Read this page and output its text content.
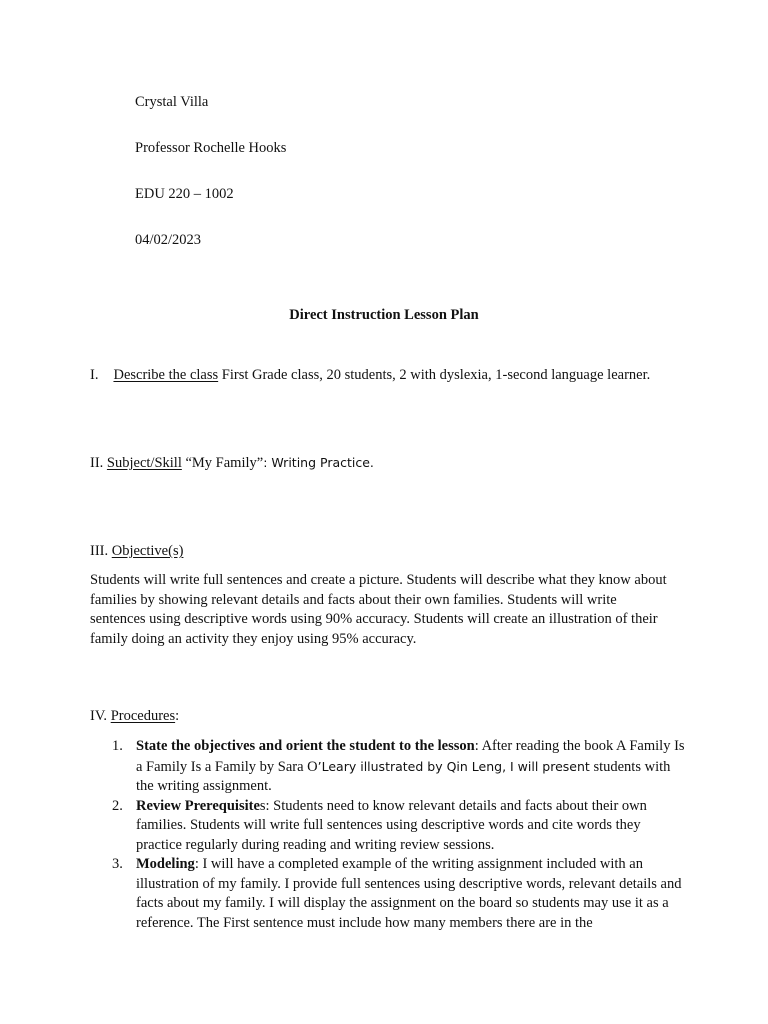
Crystal Villa
Professor Rochelle Hooks
EDU 220 – 1002
04/02/2023
Direct Instruction Lesson Plan
I. Describe the class First Grade class, 20 students, 2 with dyslexia, 1-second language learner.
II. Subject/Skill “My Family”: Writing Practice.
III. Objective(s)
Students will write full sentences and create a picture. Students will describe what they know about families by showing relevant details and facts about their own families. Students will write sentences using descriptive words using 90% accuracy. Students will create an illustration of their family doing an activity they enjoy using 95% accuracy.
IV. Procedures:
1. State the objectives and orient the student to the lesson: After reading the book A Family Is a Family Is a Family by Sara O’Leary illustrated by Qin Leng, I will present students with the writing assignment.
2. Review Prerequisites: Students need to know relevant details and facts about their own families. Students will write full sentences using descriptive words and cite words they practice regularly during reading and writing review sessions.
3. Modeling: I will have a completed example of the writing assignment included with an illustration of my family. I provide full sentences using descriptive words, relevant details and facts about my family. I will display the assignment on the board so students may use it as a reference. The First sentence must include how many members there are in the
